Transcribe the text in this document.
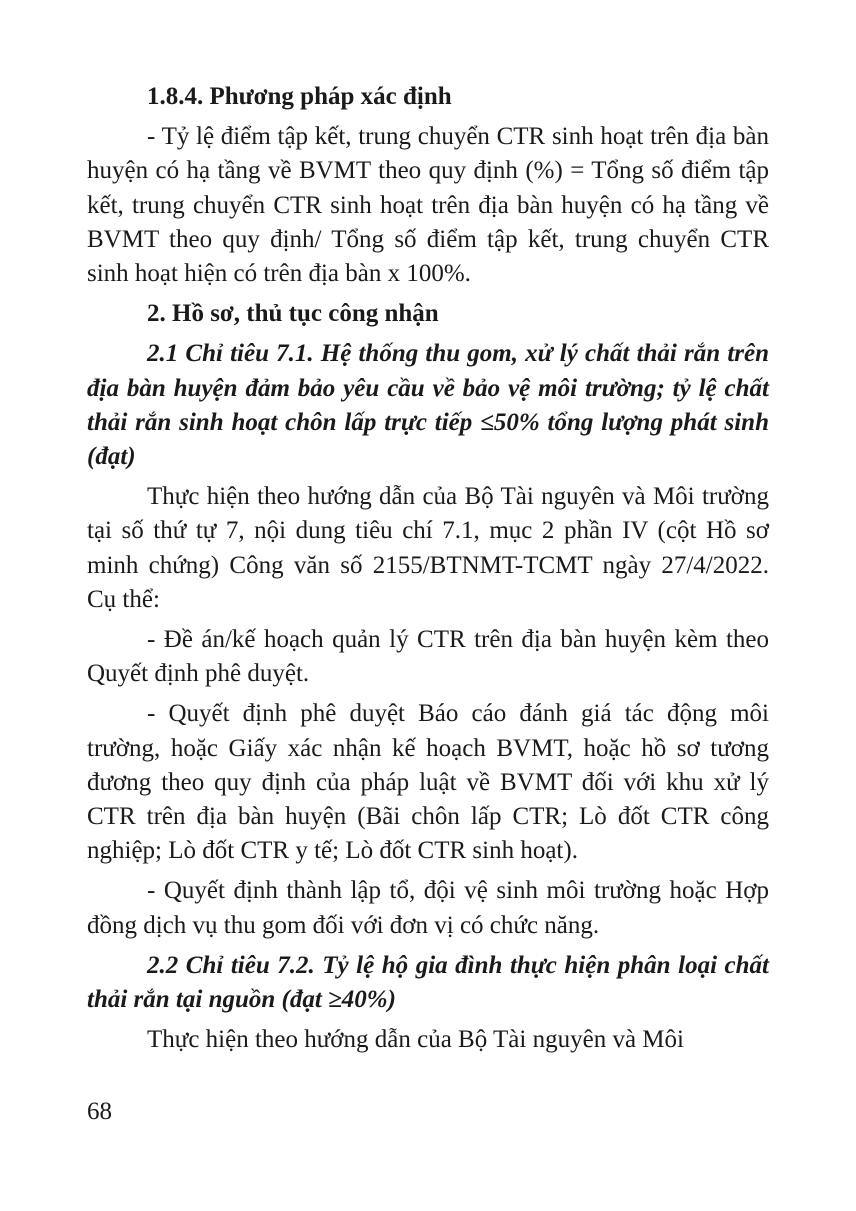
1.8.4. Phương pháp xác định

- Tỷ lệ điểm tập kết, trung chuyển CTR sinh hoạt trên địa bàn huyện có hạ tầng về BVMT theo quy định (%) = Tổng số điểm tập kết, trung chuyển CTR sinh hoạt trên địa bàn huyện có hạ tầng về BVMT theo quy định/ Tổng số điểm tập kết, trung chuyển CTR sinh hoạt hiện có trên địa bàn x 100%.

2. Hồ sơ, thủ tục công nhận

2.1 Chỉ tiêu 7.1. Hệ thống thu gom, xử lý chất thải rắn trên địa bàn huyện đảm bảo yêu cầu về bảo vệ môi trường; tỷ lệ chất thải rắn sinh hoạt chôn lấp trực tiếp ≤50% tổng lượng phát sinh (đạt)

Thực hiện theo hướng dẫn của Bộ Tài nguyên và Môi trường tại số thứ tự 7, nội dung tiêu chí 7.1, mục 2 phần IV (cột Hồ sơ minh chứng) Công văn số 2155/BTNMT-TCMT ngày 27/4/2022. Cụ thể:

- Đề án/kế hoạch quản lý CTR trên địa bàn huyện kèm theo Quyết định phê duyệt.

- Quyết định phê duyệt Báo cáo đánh giá tác động môi trường, hoặc Giấy xác nhận kế hoạch BVMT, hoặc hồ sơ tương đương theo quy định của pháp luật về BVMT đối với khu xử lý CTR trên địa bàn huyện (Bãi chôn lấp CTR; Lò đốt CTR công nghiệp; Lò đốt CTR y tế; Lò đốt CTR sinh hoạt).

- Quyết định thành lập tổ, đội vệ sinh môi trường hoặc Hợp đồng dịch vụ thu gom đối với đơn vị có chức năng.

2.2 Chỉ tiêu 7.2. Tỷ lệ hộ gia đình thực hiện phân loại chất thải rắn tại nguồn (đạt ≥40%)

Thực hiện theo hướng dẫn của Bộ Tài nguyên và Môi

68
